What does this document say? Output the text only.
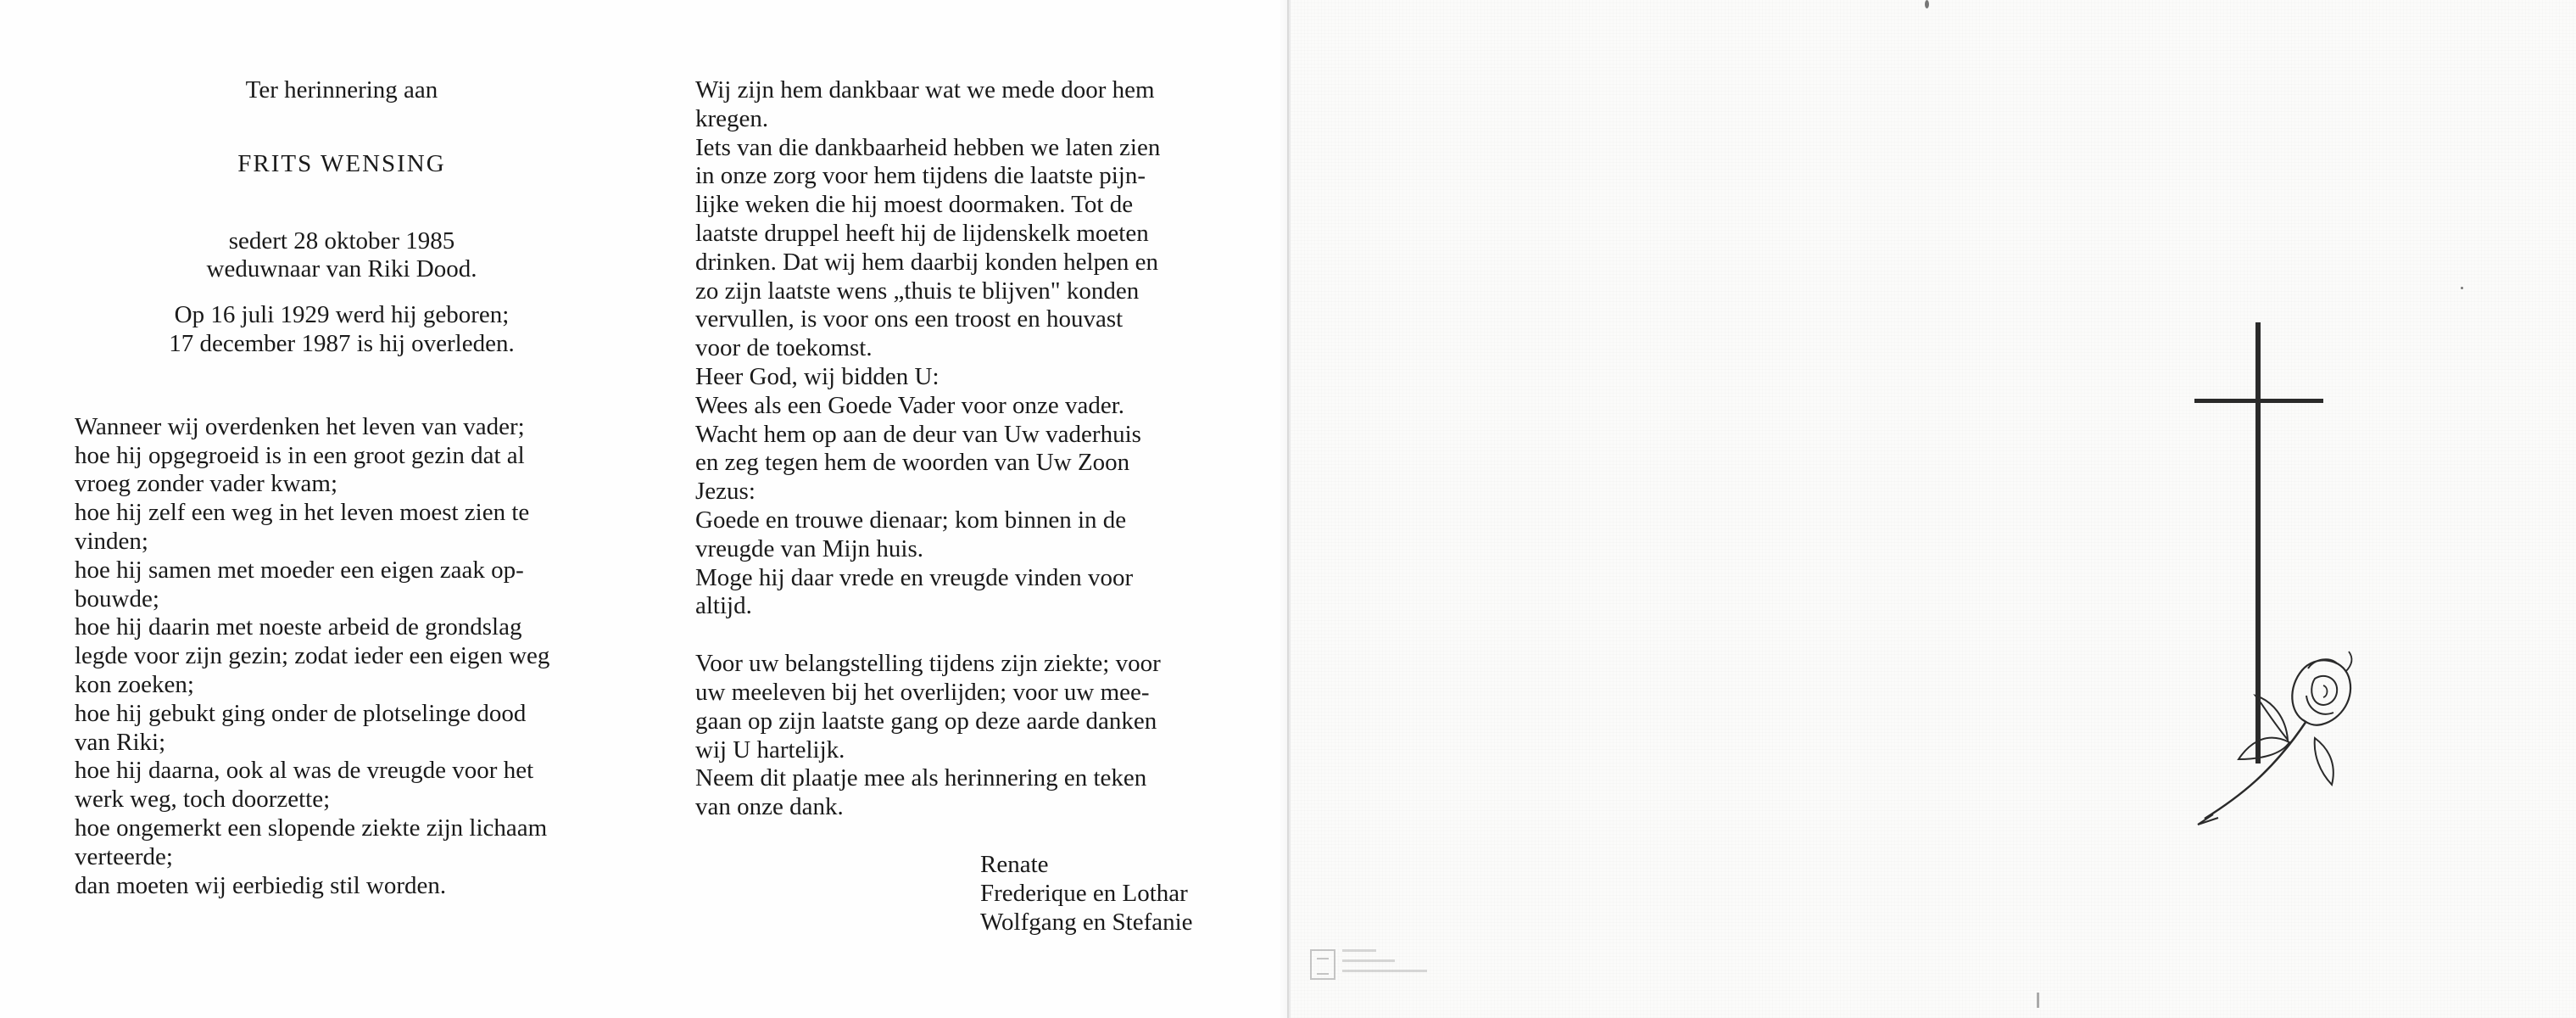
Ter herinnering aan

FRITS WENSING

sedert 28 oktober 1985

weduwnaar van Riki Dood.

Op 16 juli 1929 werd hij geboren;

17 december 1987 is hij overleden.

Wanneer wij overdenken het leven van vader;
hoe hij opgegroeid is in een groot gezin dat al
vroeg zonder vader kwam;
hoe hij zelf een weg in het leven moest zien te
vinden;
hoe hij samen met moeder een eigen zaak op-
bouwde;
hoe hij daarin met noeste arbeid de grondslag
legde voor zijn gezin; zodat ieder een eigen weg
kon zoeken;
hoe hij gebukt ging onder de plotselinge dood
van Riki;
hoe hij daarna, ook al was de vreugde voor het
werk weg, toch doorzette;
hoe ongemerkt een slopende ziekte zijn lichaam
verteerde;
dan moeten wij eerbiedig stil worden.
Wij zijn hem dankbaar wat we mede door hem
kregen.
Iets van die dankbaarheid hebben we laten zien
in onze zorg voor hem tijdens die laatste pijn-
lijke weken die hij moest doormaken. Tot de
laatste druppel heeft hij de lijdenskelk moeten
drinken. Dat wij hem daarbij konden helpen en
zo zijn laatste wens „thuis te blijven" konden
vervullen, is voor ons een troost en houvast
voor de toekomst.
Heer God, wij bidden U:
Wees als een Goede Vader voor onze vader.
Wacht hem op aan de deur van Uw vaderhuis
en zeg tegen hem de woorden van Uw Zoon
Jezus:
Goede en trouwe dienaar; kom binnen in de
vreugde van Mijn huis.
Moge hij daar vrede en vreugde vinden voor
altijd.
Voor uw belangstelling tijdens zijn ziekte; voor
uw meeleven bij het overlijden; voor uw mee-
gaan op zijn laatste gang op deze aarde danken
wij U hartelijk.
Neem dit plaatje mee als herinnering en teken
van onze dank.
Renate
Frederique en Lothar
Wolfgang en Stefanie
